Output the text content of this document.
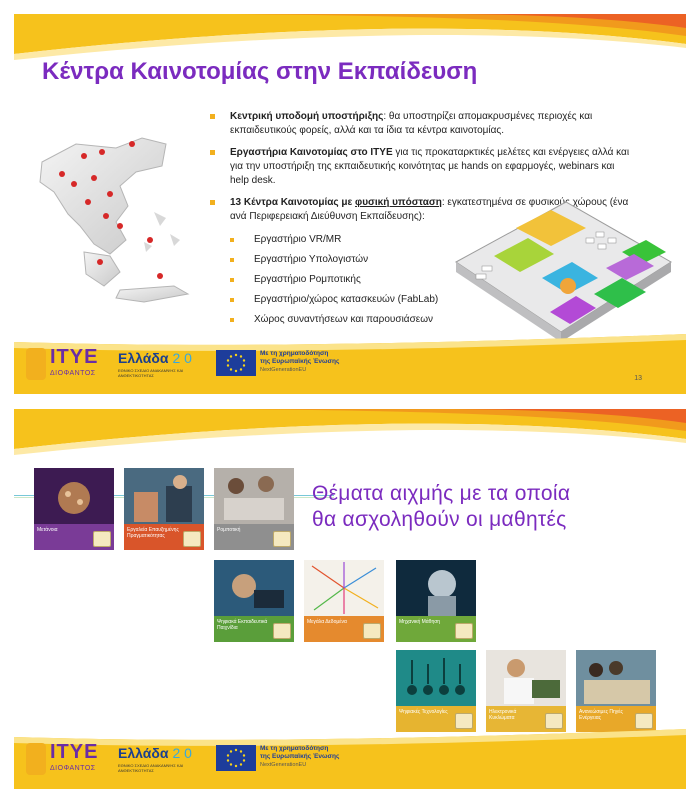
Κέντρα Καινοτομίας στην Εκπαίδευση
Κεντρική υποδομή υποστήριξης: θα υποστηρίζει απομακρυσμένες περιοχές και εκπαιδευτικούς φορείς, αλλά και τα ίδια τα κέντρα καινοτομίας.
Εργαστήρια Καινοτομίας στο ΙΤΥΕ για τις προκαταρκτικές μελέτες και ενέργειες αλλά και για την υποστήριξη της εκπαιδευτικής κοινότητας με hands on εφαρμογές, webinars και help desk.
13 Κέντρα Καινοτομίας με φυσική υπόσταση: εγκατεστημένα σε φυσικούς χώρους (ένα ανά Περιφερειακή Διεύθυνση Εκπαίδευσης):
Εργαστήριο VR/MR
Εργαστήριο Υπολογιστών
Εργαστήριο Ρομποτικής
Εργαστήριο/χώρος κατασκευών (FabLab)
Χώρος συναντήσεων και παρουσιάσεων
ΙΤΥΕ
ΔΙΟΦΑΝΤΟΣ
Ελλάδα 2 0
ΕΘΝΙΚΟ ΣΧΕΔΙΟ ΑΝΑΚΑΜΨΗΣ ΚΑΙ ΑΝΘΕΚΤΙΚΟΤΗΤΑΣ
Με τη χρηματοδότηση
της Ευρωπαϊκής Ένωσης
NextGenerationEU
13
Θέματα αιχμής με τα οποία
θα ασχοληθούν οι μαθητές
Μετάνοια	Εργαλεία Επαυξημένης Πραγματικότητας
Ρομποτική
Ψηφιακά Εκπαιδευτικά Παιχνίδια
Μεγάλα Δεδομένα	Μηχανική Μάθηση
Ψηφιακές Τεχνολογίες	Ηλεκτρονικά Κυκλώματα
Ανανεώσιμες Πηγές Ενέργειας
ΙΤΥΕ
ΔΙΟΦΑΝΤΟΣ
Ελλάδα 2 0
ΕΘΝΙΚΟ ΣΧΕΔΙΟ ΑΝΑΚΑΜΨΗΣ ΚΑΙ ΑΝΘΕΚΤΙΚΟΤΗΤΑΣ
Με τη χρηματοδότηση
της Ευρωπαϊκής Ένωσης
NextGenerationEU
